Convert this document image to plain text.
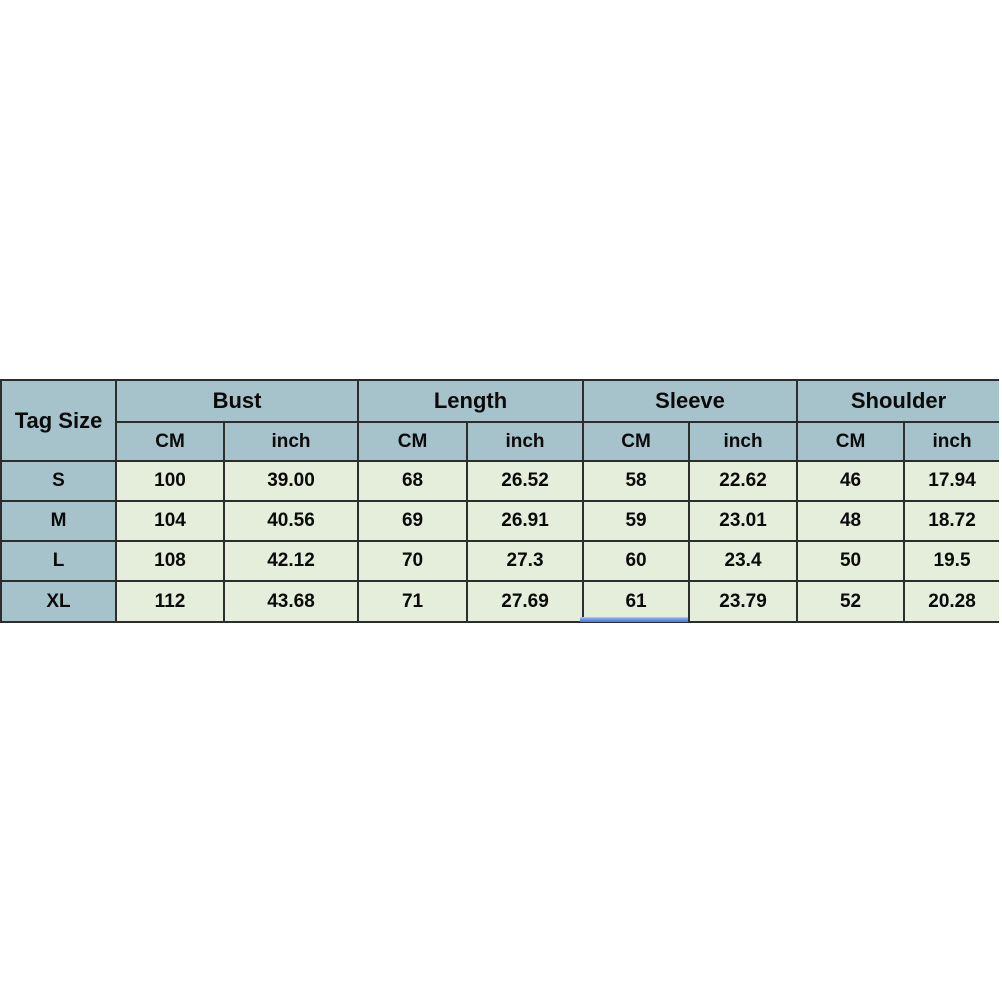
Tag Size	Bust		Length		Sleeve		Shoulder	
	CM	inch	CM	inch	CM	inch	CM	inch
S	100	39.00	68	26.52	58	22.62	46	17.94
M	104	40.56	69	26.91	59	23.01	48	18.72
L	108	42.12	70	27.3	60	23.4	50	19.5
XL	112	43.68	71	27.69	61	23.79	52	20.28
